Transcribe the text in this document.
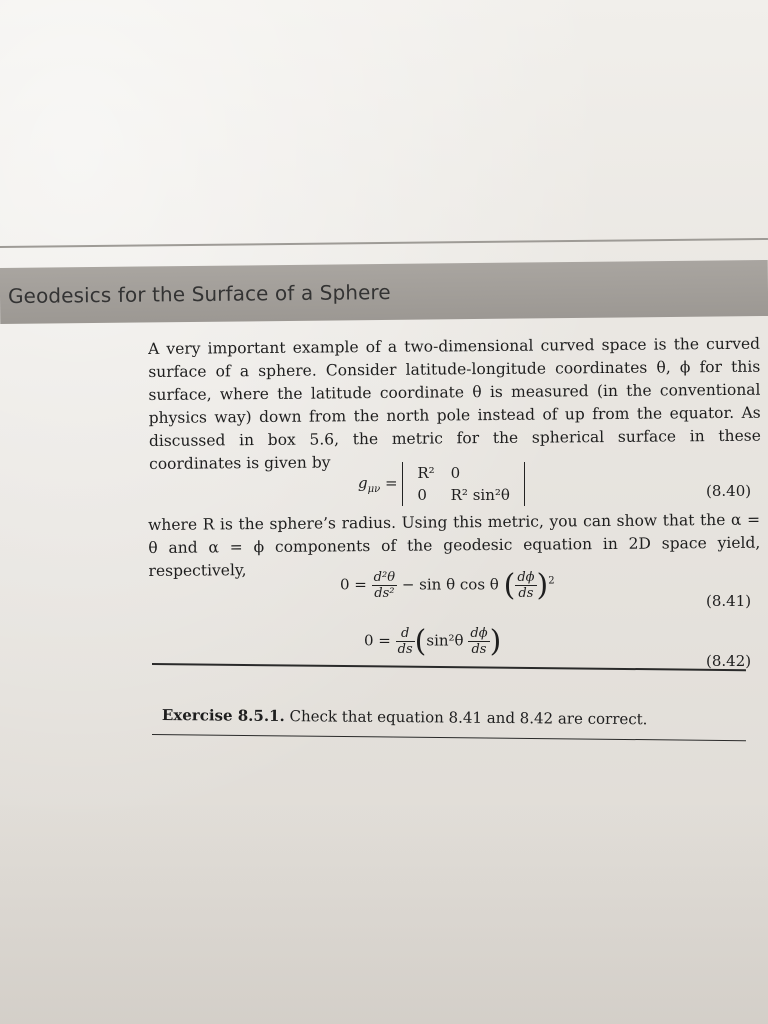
Geodesics for the Surface of a Sphere

A very important example of a two-dimensional curved space is the curved surface of a sphere. Consider latitude-longitude coordinates θ, ϕ for this surface, where the latitude coordinate θ is measured (in the conventional physics way) down from the north pole instead of up from the equator. As discussed in box 5.6, the metric for the spherical surface in these coordinates is given by

$g_{\mu\nu} = R^2$	0
0	R² sin²θ	(8.40)

where R is the sphere’s radius. Using this metric, you can show that the α = θ and α = ϕ components of the geodesic equation in 2D space yield, respectively,

$0 = \frac{\text{d²θ}}{\text{ds²}} - \sin \theta$ cos θ ( $\frac{d\phi}{ds} )^2$
(8.41)
$0 = \frac{d}{ds} (\sin^2\theta \frac{d\phi}{ds}$ )
(8.42)

Exercise 8.5.1. Check that equation 8.41 and 8.42 are correct.
